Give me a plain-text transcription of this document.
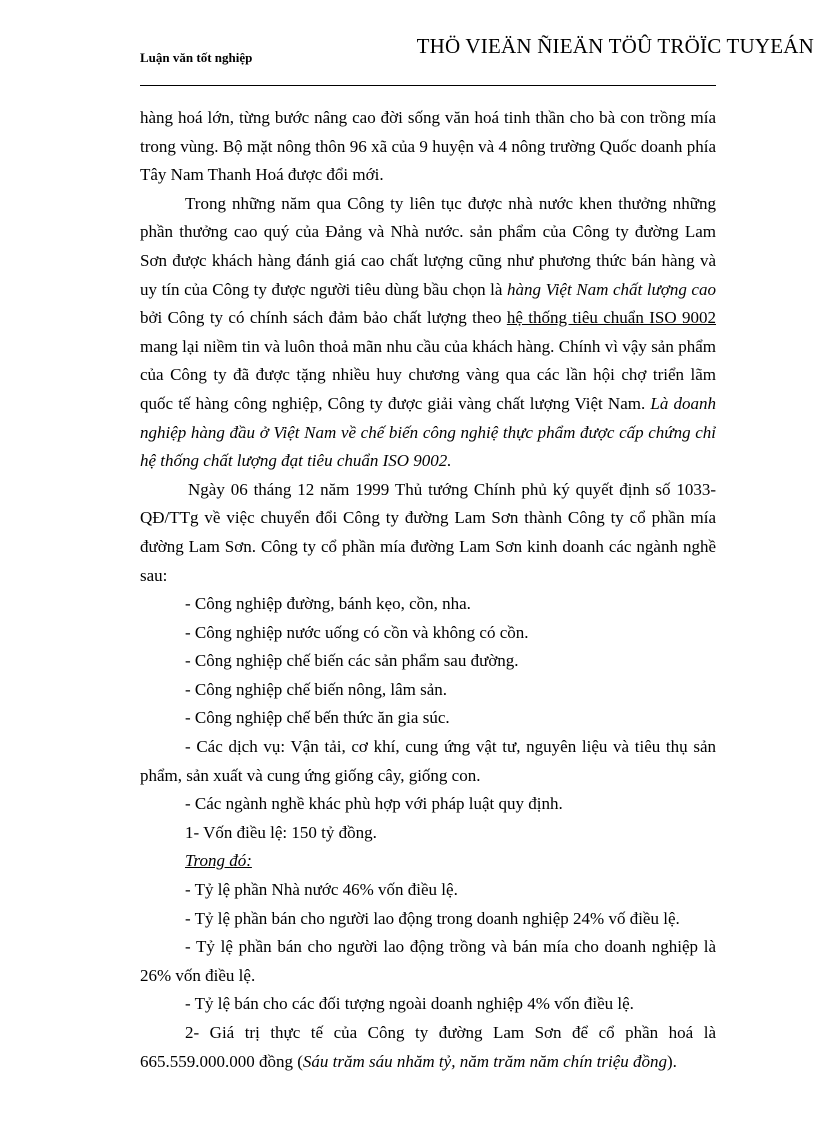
Luận văn tốt nghiệp	THÖ VIEÄN ÑIEÄN TÖÛ TRÖÏC TUYEÁN

hàng hoá lớn, từng bước nâng cao đời sống văn hoá tinh thần cho bà con trồng mía trong vùng. Bộ mặt nông thôn 96 xã của 9 huyện và 4 nông trường Quốc doanh phía Tây Nam Thanh Hoá được đổi mới.

Trong những năm qua Công ty liên tục được nhà nước khen thưởng những phần thưởng cao quý của Đảng và Nhà nước. sản phẩm của Công ty đường Lam Sơn được khách hàng đánh giá cao chất lượng cũng như phương thức bán hàng và uy tín của Công ty được người tiêu dùng bầu chọn là hàng Việt Nam chất lượng cao bởi Công ty có chính sách đảm bảo chất lượng theo hệ thống tiêu chuẩn ISO 9002 mang lại niềm tin và luôn thoả mãn nhu cầu của khách hàng. Chính vì vậy sản phẩm của Công ty đã được tặng nhiều huy chương vàng qua các lần hội chợ triển lãm quốc tế hàng công nghiệp, Công ty được giải vàng chất lượng Việt Nam. Là doanh nghiệp hàng đầu ở Việt Nam về chế biến công nghiệ thực phẩm được cấp chứng chỉ hệ thống chất lượng đạt tiêu chuẩn ISO 9002.

Ngày 06 tháng 12 năm 1999 Thủ tướng Chính phủ ký quyết định số 1033-QĐ/TTg về việc chuyển đổi Công ty đường Lam Sơn thành Công ty cổ phần mía đường Lam Sơn. Công ty cổ phần mía đường Lam Sơn kinh doanh các ngành nghề sau:

- Công nghiệp đường, bánh kẹo, cồn, nha.

- Công nghiệp nước uống có cồn và không có cồn.

- Công nghiệp chế biến các sản phẩm sau đường.

- Công nghiệp chế biến nông, lâm sản.

- Công nghiệp chế bến thức ăn gia súc.

- Các dịch vụ: Vận tải, cơ khí, cung ứng vật tư, nguyên liệu và tiêu thụ sản phẩm, sản xuất và cung ứng giống cây, giống con.

- Các ngành nghề khác phù hợp với pháp luật quy định.

1- Vốn điều lệ: 150 tỷ đồng.

Trong đó:

- Tỷ lệ phần Nhà nước 46% vốn điều lệ.

- Tỷ lệ phần bán cho người lao động trong doanh nghiệp 24% vố điều lệ.

- Tỷ lệ phần bán cho người lao động trồng và bán mía cho doanh nghiệp là 26% vốn điều lệ.

- Tỷ lệ bán cho các đối tượng ngoài doanh nghiệp 4% vốn điều lệ.

2- Giá trị thực tế của Công ty đường Lam Sơn để cổ phần hoá là 665.559.000.000 đồng (Sáu trăm sáu nhăm tỷ, năm trăm năm chín triệu đồng).
